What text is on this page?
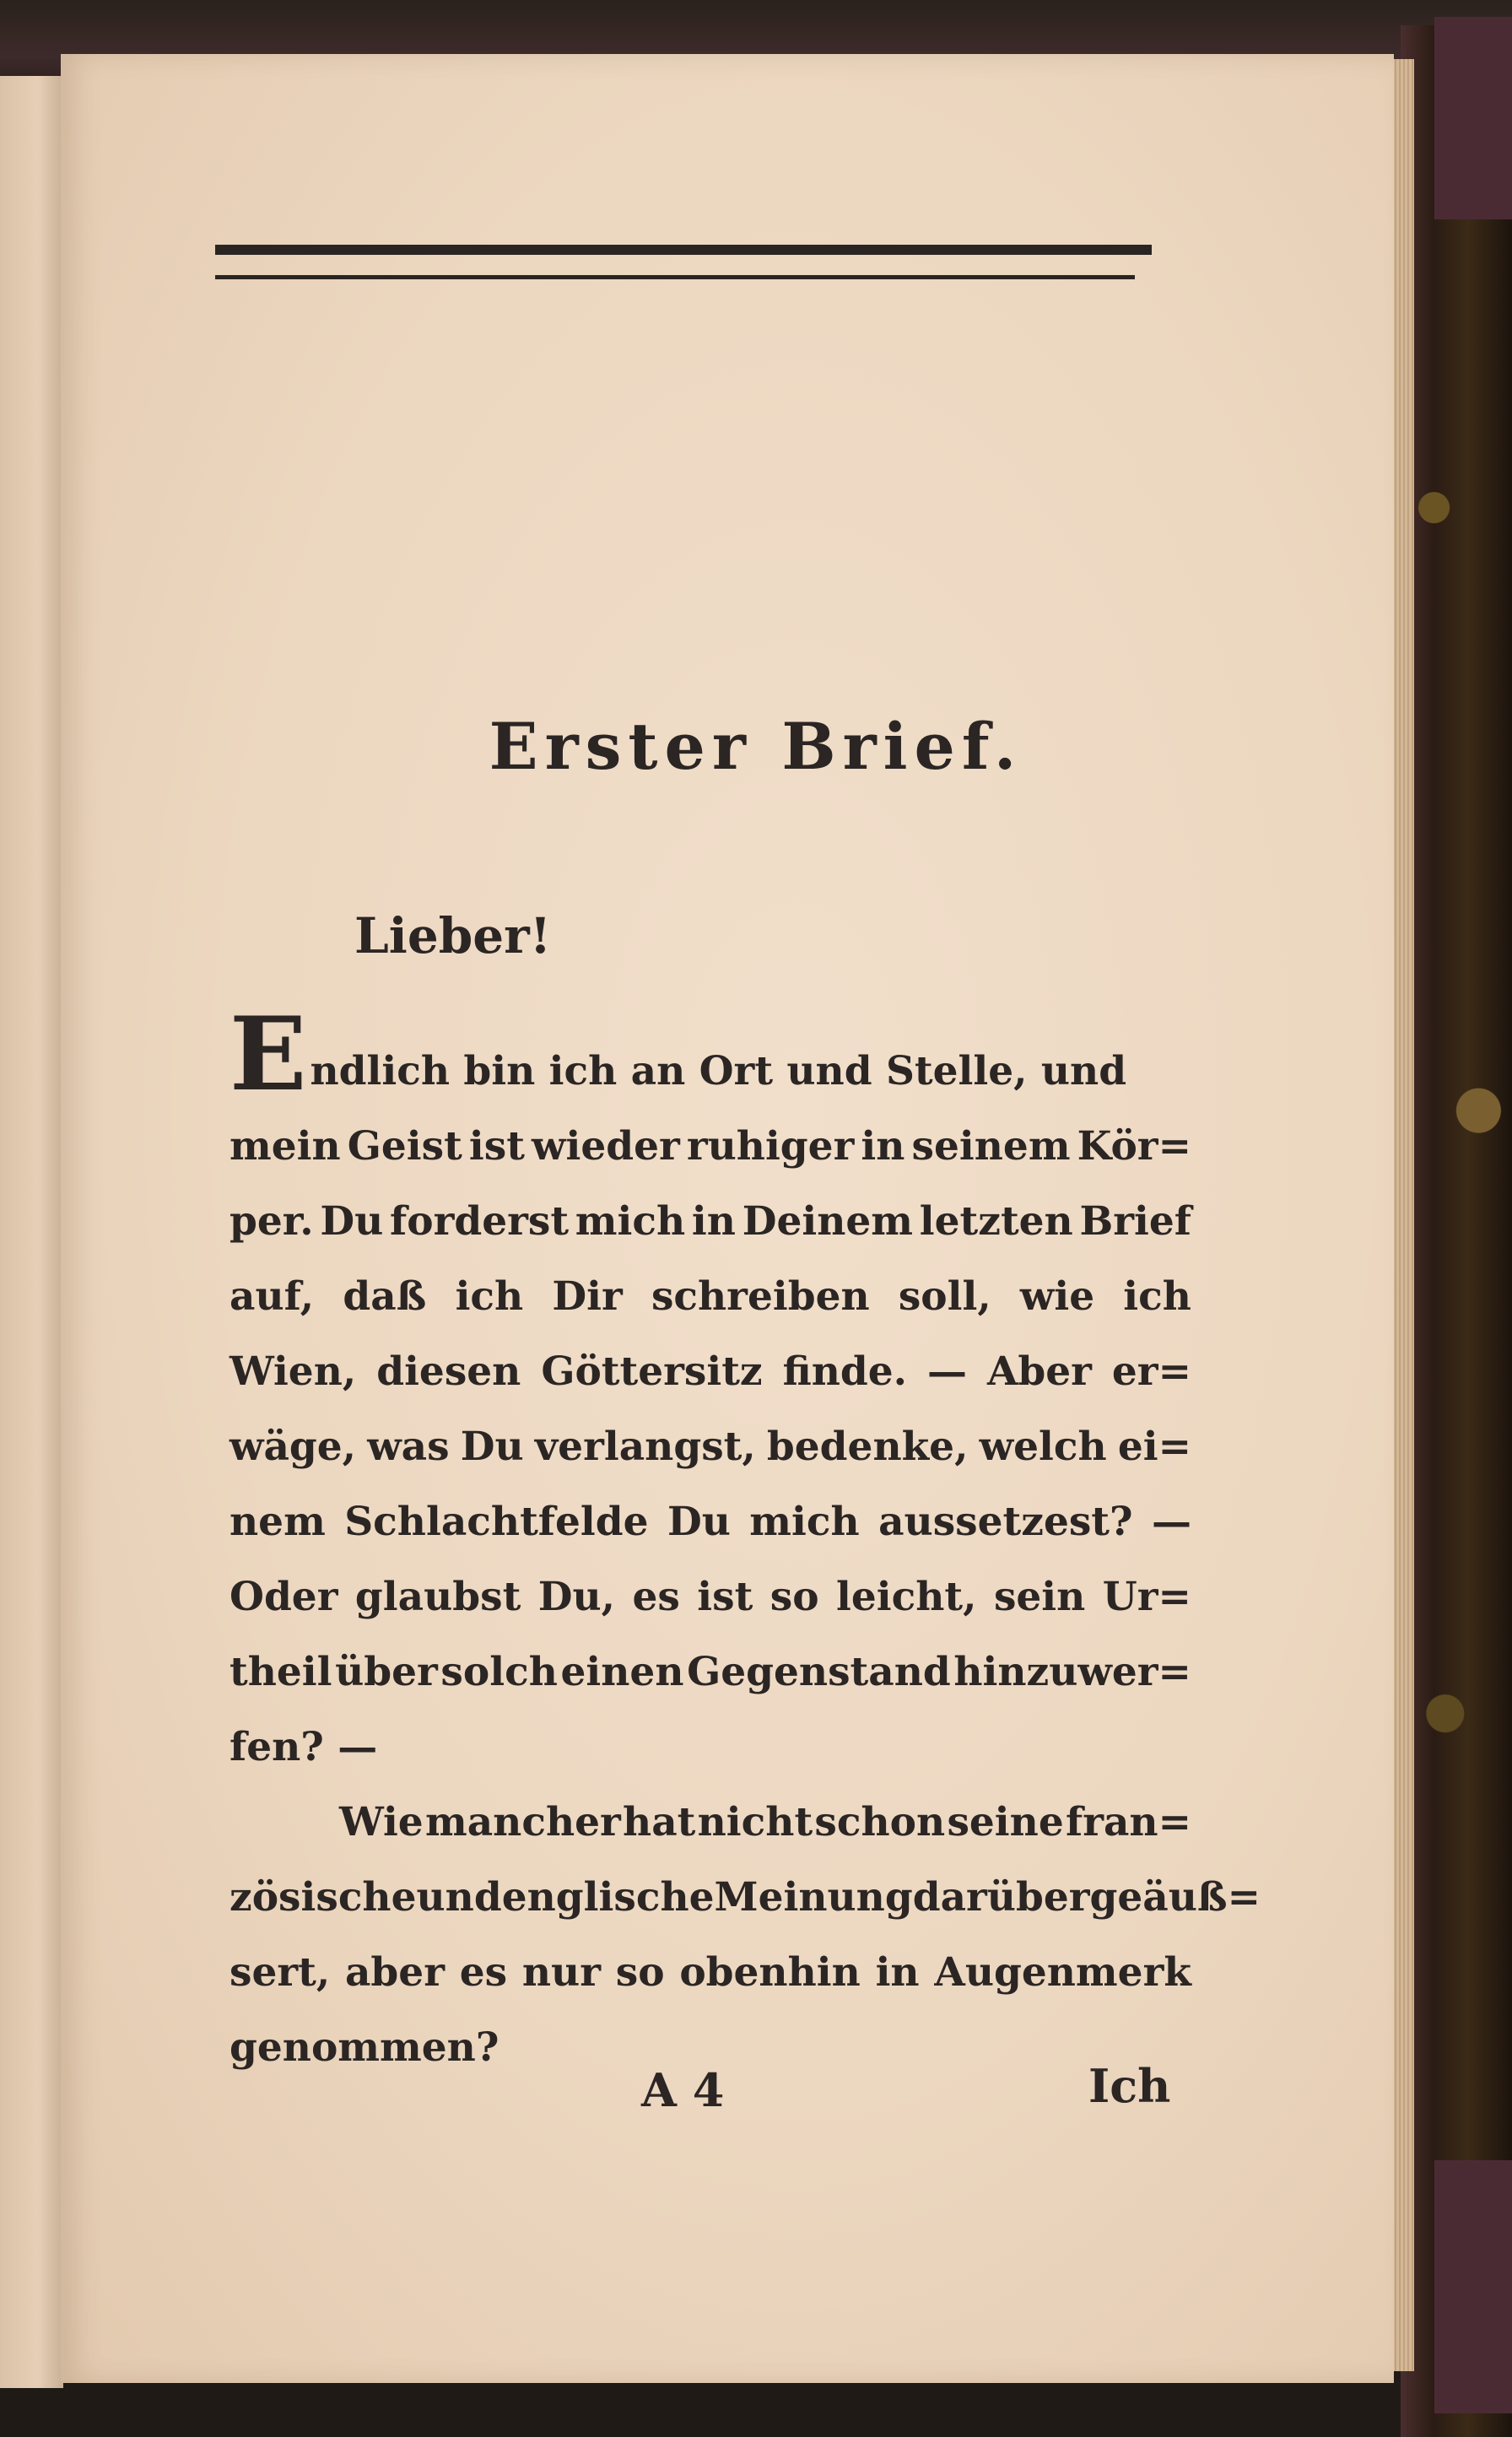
Erster Brief.
Lieber!
Endlich bin ich an Ort und Stelle, und
mein Geist ist wieder ruhiger in seinem Kör=
per. Du forderst mich in Deinem letzten Brief
auf, daß ich Dir schreiben soll, wie ich
Wien, diesen Göttersitz finde. — Aber er=
wäge, was Du verlangst, bedenke, welch ei=
nem Schlachtfelde Du mich aussetzest? —
Oder glaubst Du, es ist so leicht, sein Ur=
theil über solch einen Gegenstand hinzuwer=
fen? —
Wie mancher hat nicht schon seine fran=
zösische und englische Meinung darüber geäuß=
sert, aber es nur so obenhin in Augenmerk
genommen?
A 4	Ich
